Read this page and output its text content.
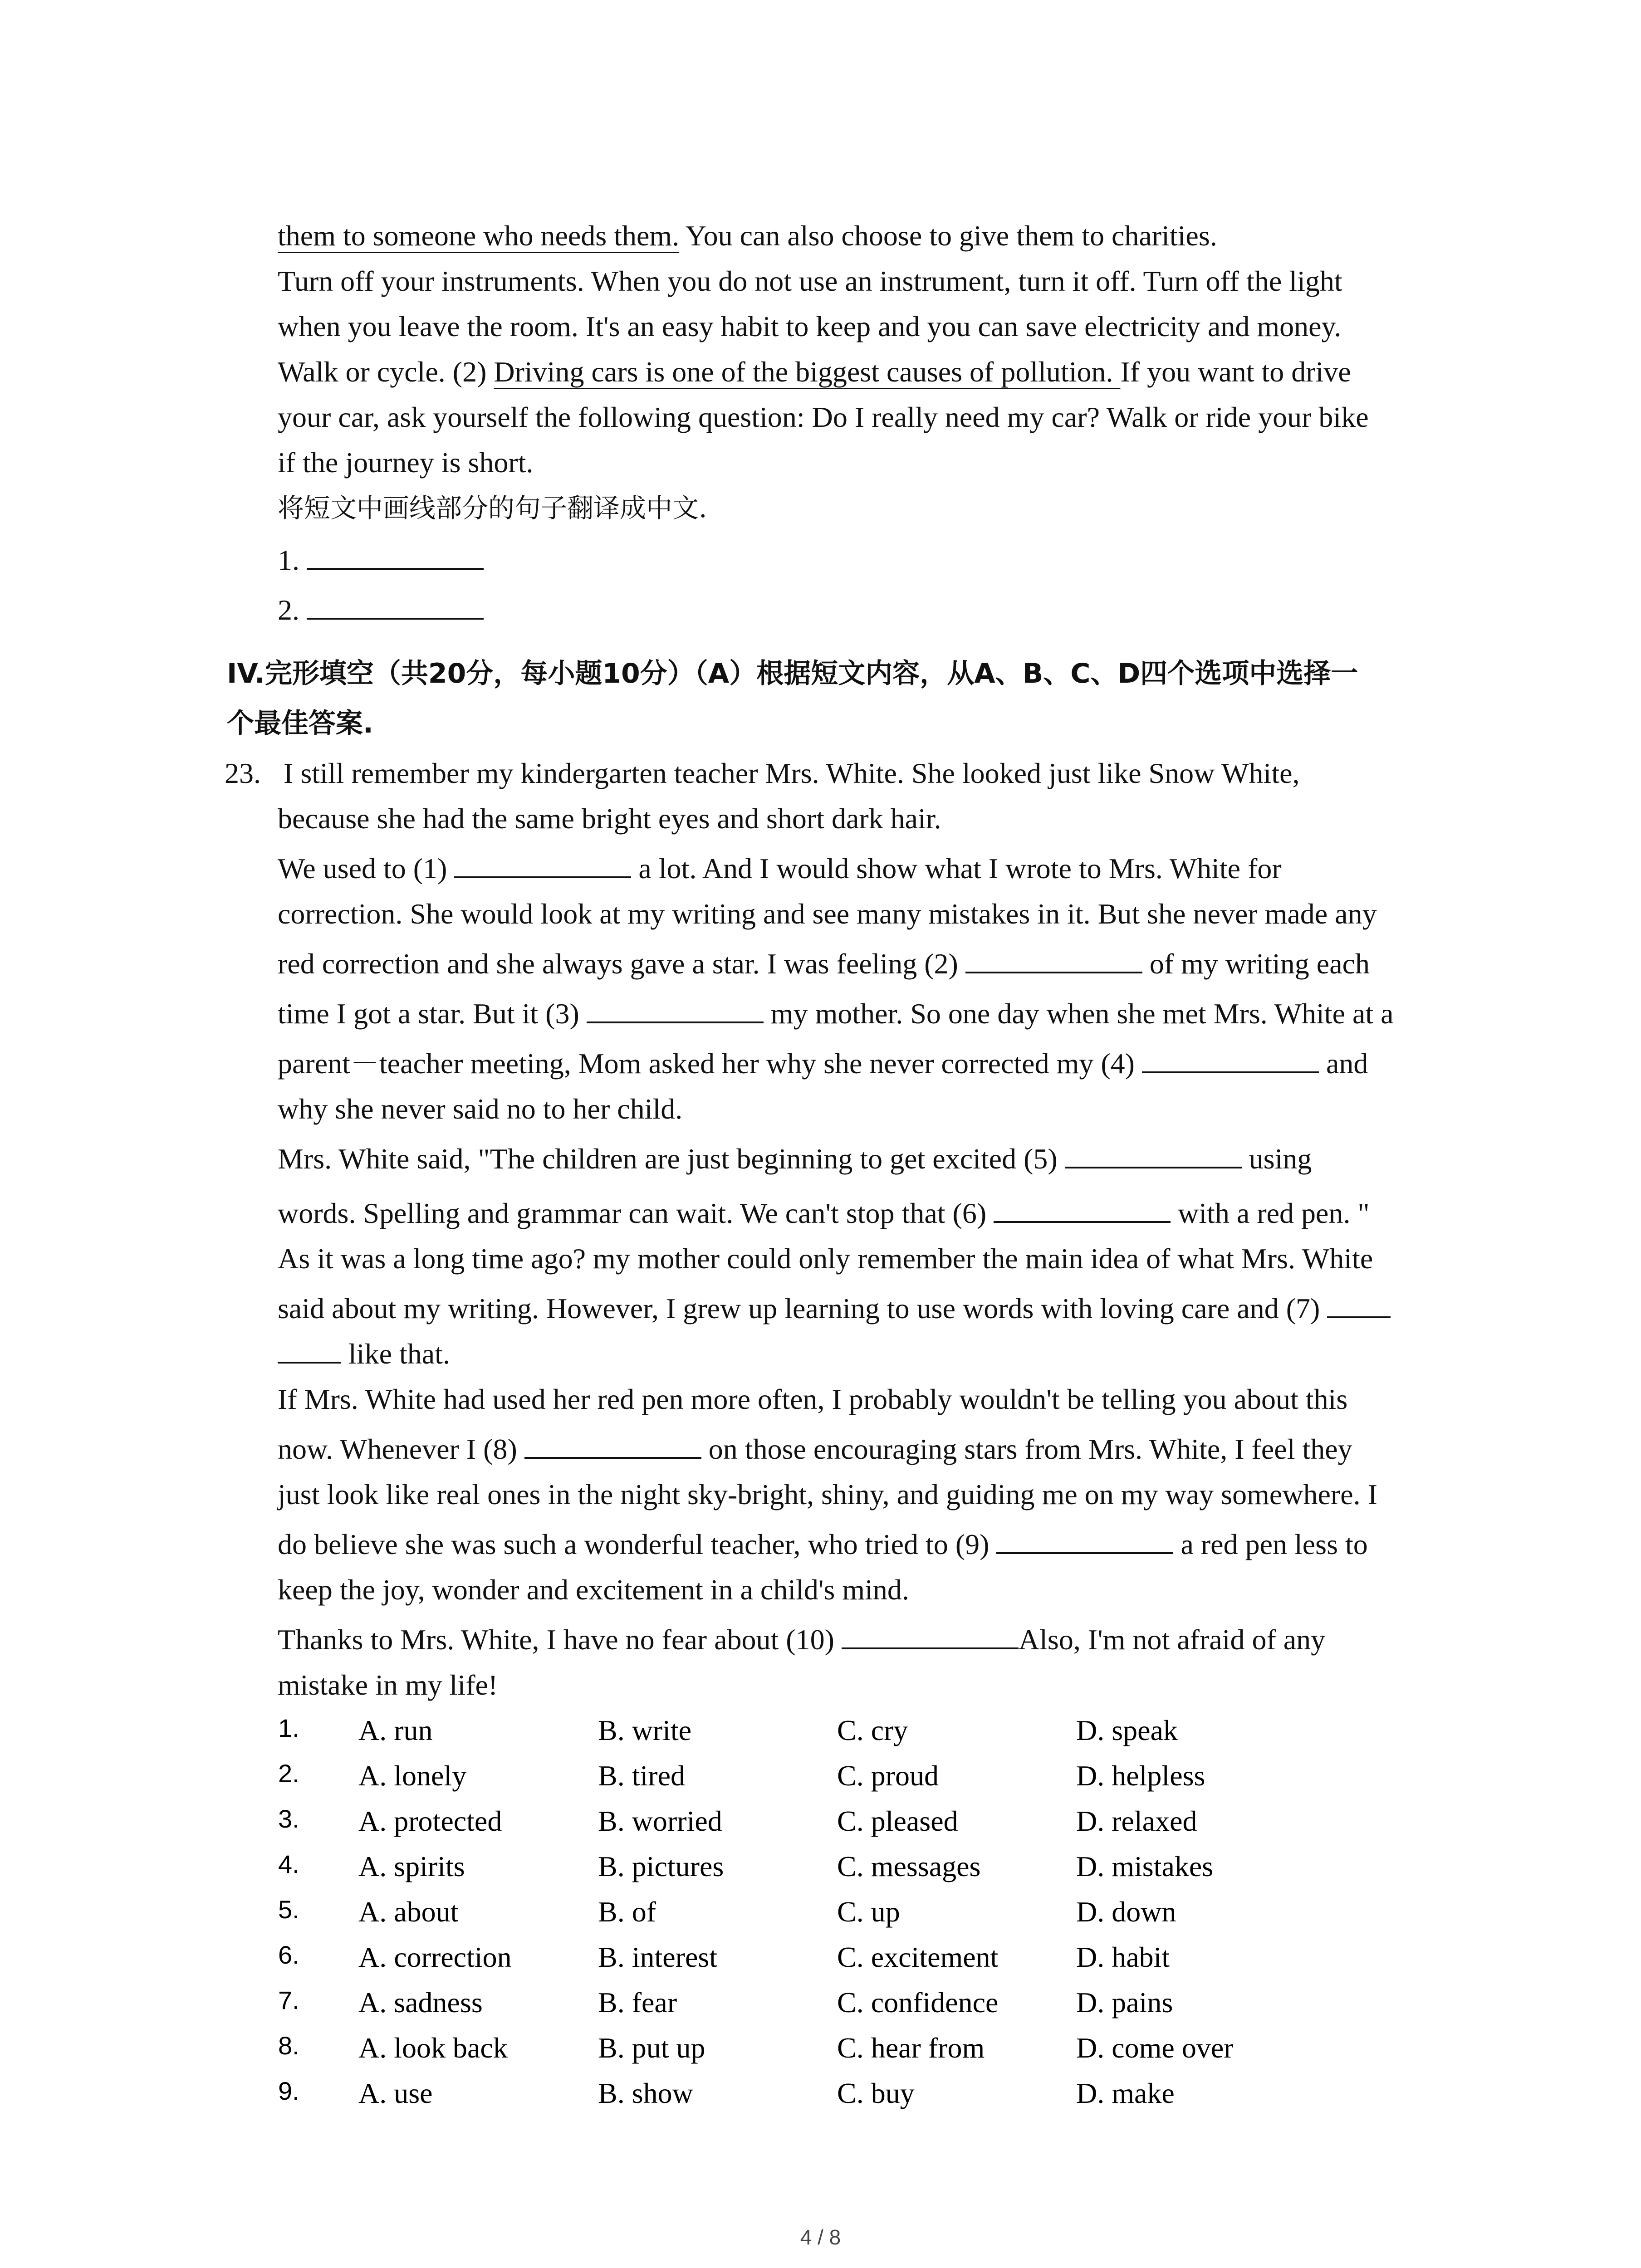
them to someone who needs them. You can also choose to give them to charities.
Turn off your instruments. When you do not use an instrument, turn it off. Turn off the light
when you leave the room. It's an easy habit to keep and you can save electricity and money.
Walk or cycle. (2) Driving cars is one of the biggest causes of pollution. If you want to drive
your car, ask yourself the following question: Do I really need my car? Walk or ride your bike
if the journey is short.
将短文中画线部分的句子翻译成中文.
1.
2.
IV.完形填空（共20分，每小题10分）（A）根据短文内容，从A、B、C、D四个选项中选择一
个最佳答案.
23. I still remember my kindergarten teacher Mrs. White. She looked just like Snow White,
because she had the same bright eyes and short dark hair.
We used to (1)	a lot. And I would show what I wrote to Mrs. White for
correction. She would look at my writing and see many mistakes in it. But she never made any
red correction and she always gave a star. I was feeling (2)	of my writing each
time I got a star. But it (3)	my mother. So one day when she met Mrs. White at a
parent－teacher meeting, Mom asked her why she never corrected my (4)	and
why she never said no to her child.
Mrs. White said, "The children are just beginning to get excited (5)	using
words. Spelling and grammar can wait. We can't stop that (6)	with a red pen. "
As it was a long time ago? my mother could only remember the main idea of what Mrs. White
said about my writing. However, I grew up learning to use words with loving care and (7)
like that.
If Mrs. White had used her red pen more often, I probably wouldn't be telling you about this
now. Whenever I (8)	on those encouraging stars from Mrs. White, I feel they
just look like real ones in the night sky-bright, shiny, and guiding me on my way somewhere. I
do believe she was such a wonderful teacher, who tried to (9)	a red pen less to
keep the joy, wonder and excitement in a child's mind.
Thanks to Mrs. White, I have no fear about (10)	Also, I'm not afraid of any
mistake in my life!
1. A. run	B. write	C. cry	D. speak
2. A. lonely	B. tired	C. proud	D. helpless
3. A. protected	B. worried	C. pleased	D. relaxed
4. A. spirits	B. pictures	C. messages	D. mistakes
5. A. about	B. of	C. up	D. down
6. A. correction	B. interest	C. excitement	D. habit
7. A. sadness	B. fear	C. confidence	D. pains
8. A. look back	B. put up	C. hear from	D. come over
9. A. use	B. show	C. buy	D. make
4 / 8
